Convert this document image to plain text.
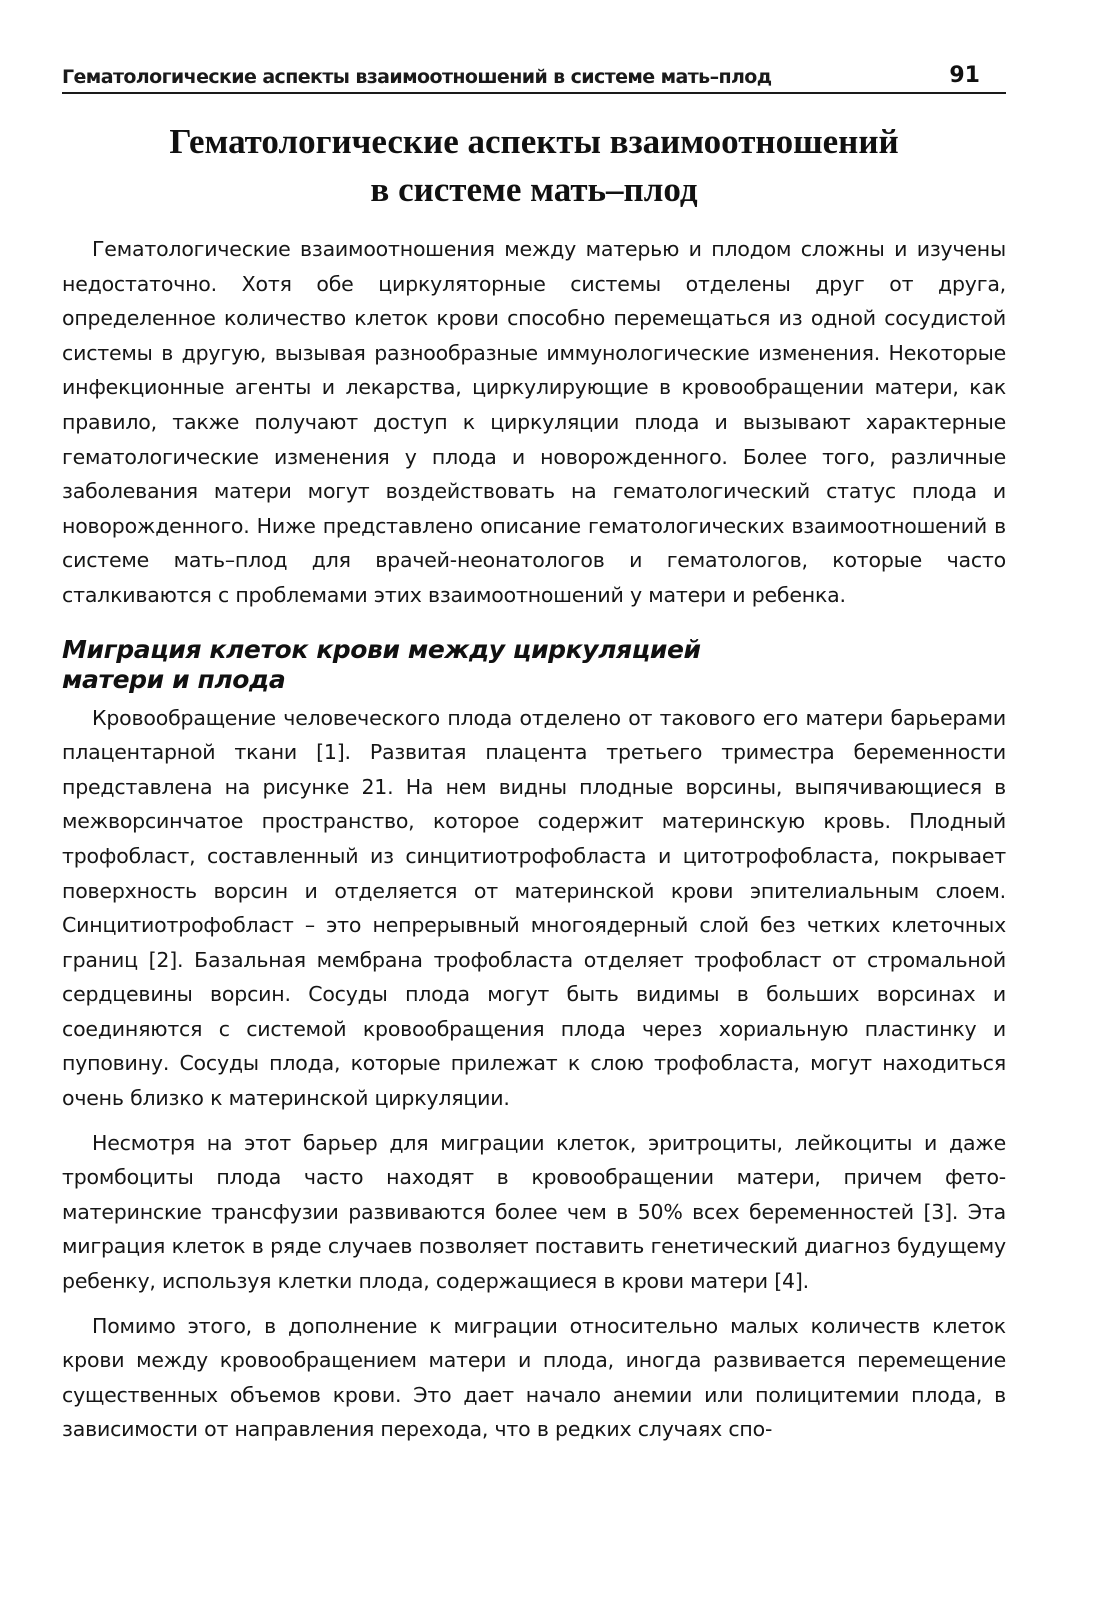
Гематологические аспекты взаимоотношений в системе мать–плод	91
Гематологические аспекты взаимоотношений
в системе мать–плод

Гематологические взаимоотношения между матерью и плодом сложны и изучены недостаточно. Хотя обе циркуляторные системы отделены друг от друга, определенное количество клеток крови способно перемещаться из одной сосудистой системы в другую, вызывая разнообразные иммунологические изменения. Некоторые инфекционные агенты и лекарства, циркулирующие в кровообращении матери, как правило, также получают доступ к циркуляции плода и вызывают характерные гематологические изменения у плода и новорожденного. Более того, различные заболевания матери могут воздействовать на гематологический статус плода и новорожденного. Ниже представлено описание гематологических взаимоотношений в системе мать–плод для врачей-неонатологов и гематологов, которые часто сталкиваются с проблемами этих взаимоотношений у матери и ребенка.

Миграция клеток крови между циркуляцией
матери и плода

Кровообращение человеческого плода отделено от такового его матери барьерами плацентарной ткани [1]. Развитая плацента третьего триместра беременности представлена на рисунке 21. На нем видны плодные ворсины, выпячивающиеся в межворсинчатое пространство, которое содержит материнскую кровь. Плодный трофобласт, составленный из синцитиотрофобласта и цитотрофобласта, покрывает поверхность ворсин и отделяется от материнской крови эпителиальным слоем. Синцитиотрофобласт – это непрерывный многоядерный слой без четких клеточных границ [2]. Базальная мембрана трофобласта отделяет трофобласт от стромальной сердцевины ворсин. Сосуды плода могут быть видимы в больших ворсинах и соединяются с системой кровообращения плода через хориальную пластинку и пуповину. Сосуды плода, которые прилежат к слою трофобласта, могут находиться очень близко к материнской циркуляции.

Несмотря на этот барьер для миграции клеток, эритроциты, лейкоциты и даже тромбоциты плода часто находят в кровообращении матери, причем фето-материнские трансфузии развиваются более чем в 50% всех беременностей [3]. Эта миграция клеток в ряде случаев позволяет поставить генетический диагноз будущему ребенку, используя клетки плода, содержащиеся в крови матери [4].

Помимо этого, в дополнение к миграции относительно малых количеств клеток крови между кровообращением матери и плода, иногда развивается перемещение существенных объемов крови. Это дает начало анемии или полицитемии плода, в зависимости от направления перехода, что в редких случаях спо-
